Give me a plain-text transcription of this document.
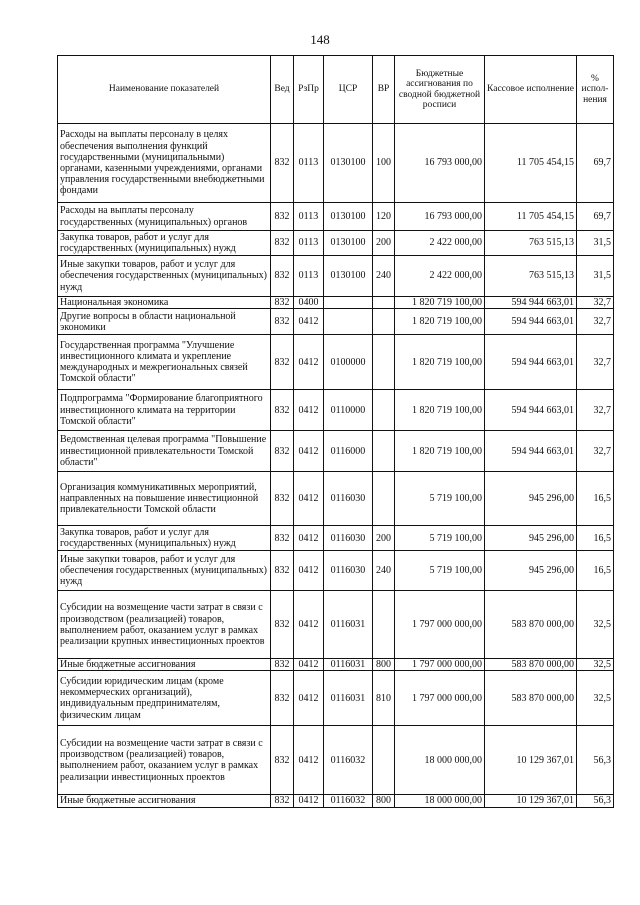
148
Наименование показателей	Вед	РзПр	ЦСР	ВР	Бюджетные ассигнования по сводной бюджетной росписи	Кассовое исполнение	% испол-нения
Расходы на выплаты персоналу в целях обеспечения выполнения функций государственными (муниципальными) органами, казенными учреждениями, органами управления государственными внебюджетными фондами	832	0113	0130100	100	16 793 000,00	11 705 454,15	69,7
Расходы на выплаты персоналу государственных (муниципальных) органов	832	0113	0130100	120	16 793 000,00	11 705 454,15	69,7
Закупка товаров, работ и услуг для государственных (муниципальных) нужд	832	0113	0130100	200	2 422 000,00	763 515,13	31,5
Иные закупки товаров, работ и услуг для обеспечения государственных (муниципальных) нужд	832	0113	0130100	240	2 422 000,00	763 515,13	31,5
Национальная экономика	832	0400			1 820 719 100,00	594 944 663,01	32,7
Другие вопросы в области национальной экономики	832	0412			1 820 719 100,00	594 944 663,01	32,7
Государственная программа "Улучшение инвестиционного климата и укрепление международных и межрегиональных связей Томской области"	832	0412	0100000		1 820 719 100,00	594 944 663,01	32,7
Подпрограмма "Формирование благоприятного инвестиционного климата на территории Томской области"	832	0412	0110000		1 820 719 100,00	594 944 663,01	32,7
Ведомственная целевая программа "Повышение инвестиционной привлекательности Томской области"	832	0412	0116000		1 820 719 100,00	594 944 663,01	32,7
Организация коммуникативных мероприятий, направленных на повышение инвестиционной привлекательности Томской области	832	0412	0116030		5 719 100,00	945 296,00	16,5
Закупка товаров, работ и услуг для государственных (муниципальных) нужд	832	0412	0116030	200	5 719 100,00	945 296,00	16,5
Иные закупки товаров, работ и услуг для обеспечения государственных (муниципальных) нужд	832	0412	0116030	240	5 719 100,00	945 296,00	16,5
Субсидии на возмещение части затрат в связи с производством (реализацией) товаров, выполнением работ, оказанием услуг в рамках реализации крупных инвестиционных проектов	832	0412	0116031		1 797 000 000,00	583 870 000,00	32,5
Иные бюджетные ассигнования	832	0412	0116031	800	1 797 000 000,00	583 870 000,00	32,5
Субсидии юридическим лицам (кроме некоммерческих организаций), индивидуальным предпринимателям, физическим лицам	832	0412	0116031	810	1 797 000 000,00	583 870 000,00	32,5
Субсидии на возмещение части затрат в связи с производством (реализацией) товаров, выполнением работ, оказанием услуг в рамках реализации инвестиционных проектов	832	0412	0116032		18 000 000,00	10 129 367,01	56,3
Иные бюджетные ассигнования	832	0412	0116032	800	18 000 000,00	10 129 367,01	56,3
